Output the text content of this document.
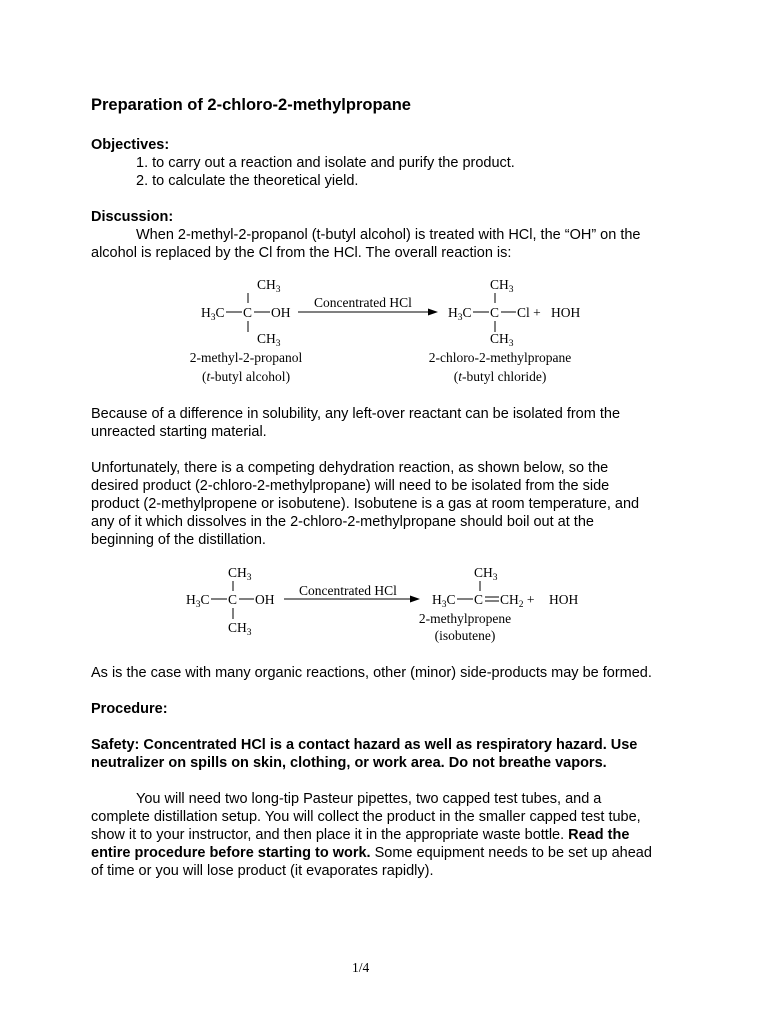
Preparation of 2-chloro-2-methylpropane
Objectives:
1. to carry out a reaction and isolate and purify the product.
2. to calculate the theoretical yield.
Discussion:
When 2-methyl-2-propanol (t-butyl alcohol) is treated with HCl, the “OH” on the
alcohol is replaced by the Cl from the HCl. The overall reaction is:
$CH_3$
$H_3C$ C OH
$CH_3$
Concentrated HCl
$CH_3$
$H_3C$ C Cl + HOH
$CH_3$
2-methyl-2-propanol
(t-butyl alcohol)
2-chloro-2-methylpropane
(t-butyl chloride)
Because of a difference in solubility, any left-over reactant can be isolated from the
unreacted starting material.
Unfortunately, there is a competing dehydration reaction, as shown below, so the
desired product (2-chloro-2-methylpropane) will need to be isolated from the side
product (2-methylpropene or isobutene). Isobutene is a gas at room temperature, and
any of it which dissolves in the 2-chloro-2-methylpropane should boil out at the
beginning of the distillation.
$CH_3$
$H_3C$ C OH
$CH_3$
Concentrated HCl
$CH_3$
$H_3C$ C $CH_2$ + HOH
2-methylpropene
(isobutene)
As is the case with many organic reactions, other (minor) side-products may be formed.
Procedure:
Safety: Concentrated HCl is a contact hazard as well as respiratory hazard. Use
neutralizer on spills on skin, clothing, or work area. Do not breathe vapors.
You will need two long-tip Pasteur pipettes, two capped test tubes, and a
complete distillation setup. You will collect the product in the smaller capped test tube,
show it to your instructor, and then place it in the appropriate waste bottle. Read the
entire procedure before starting to work. Some equipment needs to be set up ahead
of time or you will lose product (it evaporates rapidly).
1/4
